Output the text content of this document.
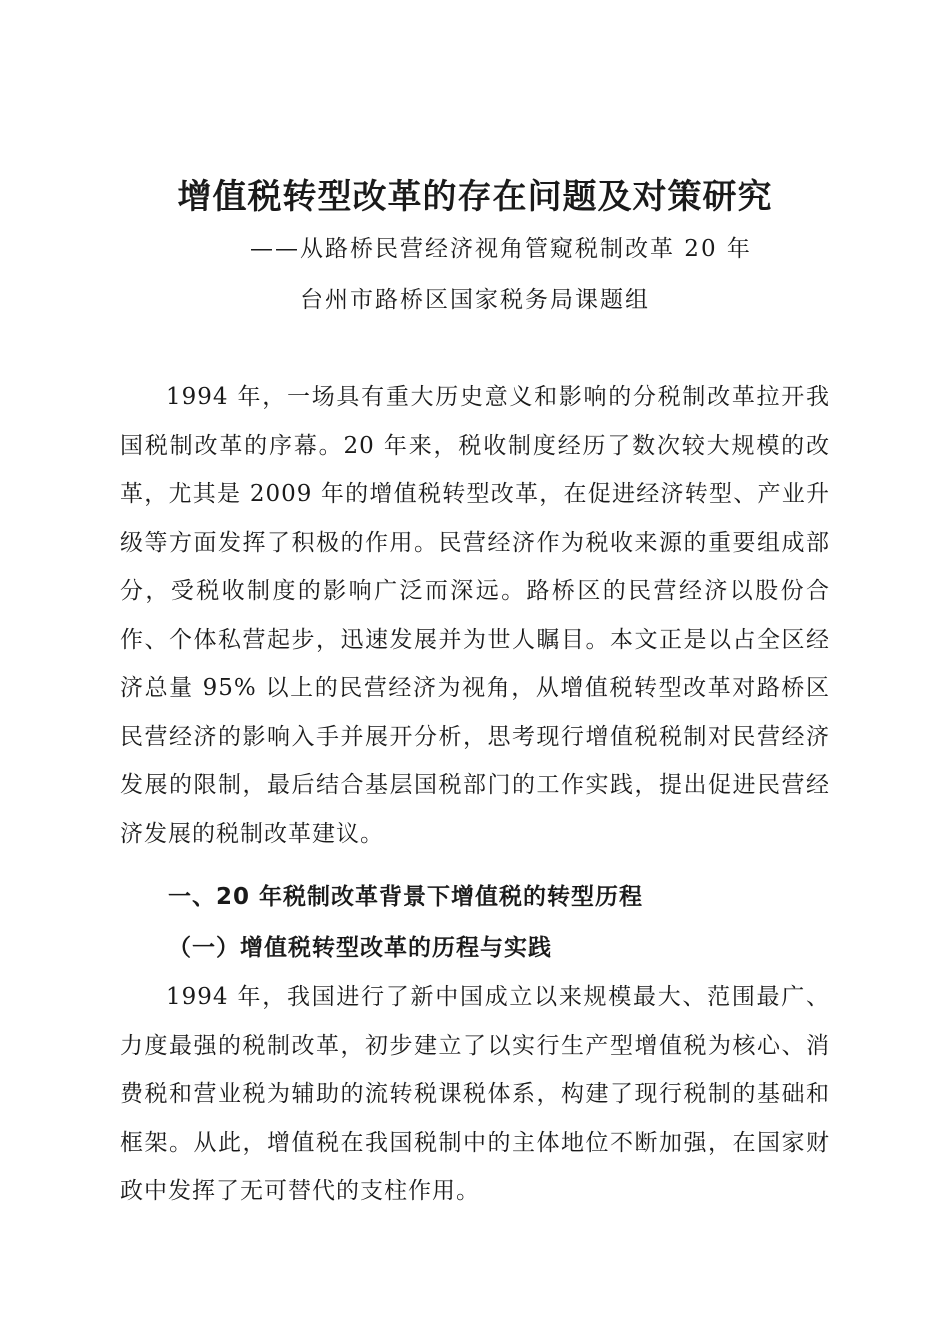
增值税转型改革的存在问题及对策研究

——从路桥民营经济视角管窥税制改革 20 年

台州市路桥区国家税务局课题组

1994 年，一场具有重大历史意义和影响的分税制改革拉开我国税制改革的序幕。20 年来，税收制度经历了数次较大规模的改革，尤其是 2009 年的增值税转型改革，在促进经济转型、产业升级等方面发挥了积极的作用。民营经济作为税收来源的重要组成部分，受税收制度的影响广泛而深远。路桥区的民营经济以股份合作、个体私营起步，迅速发展并为世人瞩目。本文正是以占全区经济总量 95% 以上的民营经济为视角，从增值税转型改革对路桥区民营经济的影响入手并展开分析，思考现行增值税税制对民营经济发展的限制，最后结合基层国税部门的工作实践，提出促进民营经济发展的税制改革建议。

一、20 年税制改革背景下增值税的转型历程
（一）增值税转型改革的历程与实践

1994 年，我国进行了新中国成立以来规模最大、范围最广、力度最强的税制改革，初步建立了以实行生产型增值税为核心、消费税和营业税为辅助的流转税课税体系，构建了现行税制的基础和框架。从此，增值税在我国税制中的主体地位不断加强，在国家财政中发挥了无可替代的支柱作用。
